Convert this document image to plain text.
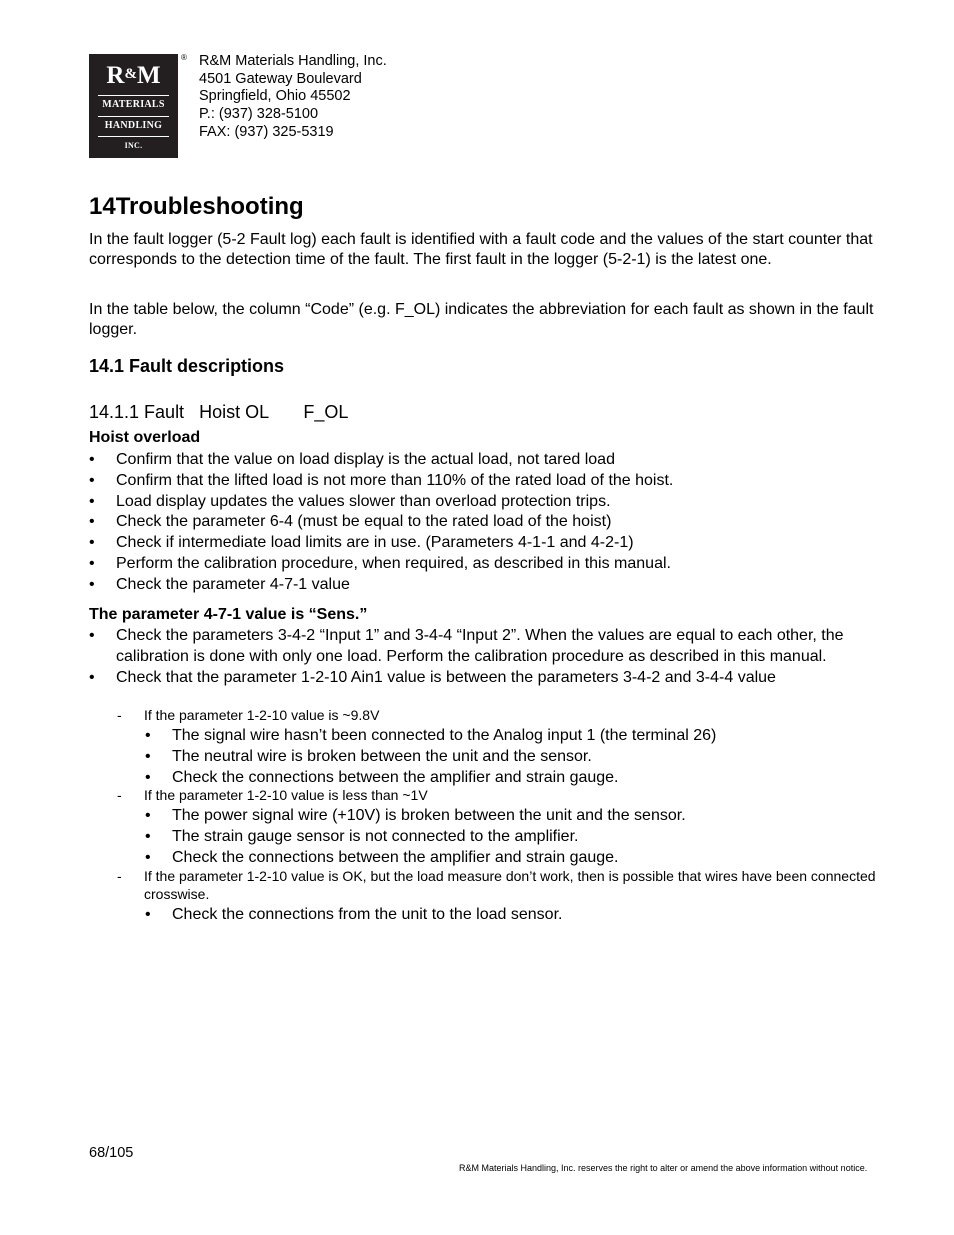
R&M
MATERIALS
HANDLING
INC.
® R&M Materials Handling, Inc.
4501 Gateway Boulevard
Springfield, Ohio 45502
P.: (937) 328-5100
FAX: (937) 325-5319
14Troubleshooting

In the fault logger (5-2 Fault log) each fault is identified with a fault code and the values of the start counter that corresponds to the detection time of the fault. The first fault in the logger (5-2-1) is the latest one.

In the table below, the column “Code” (e.g. F_OL) indicates the abbreviation for each fault as shown in the fault logger.

14.1 Fault descriptions
14.1.1 Fault   Hoist OL       F_OL

Hoist overload

• Confirm that the value on load display is the actual load, not tared load
• Confirm that the lifted load is not more than 110% of the rated load of the hoist.
• Load display updates the values slower than overload protection trips.
• Check the parameter 6-4 (must be equal to the rated load of the hoist)
• Check if intermediate load limits are in use. (Parameters 4-1-1 and 4-2-1)
• Perform the calibration procedure, when required, as described in this manual.
• Check the parameter 4-7-1 value

The parameter 4-7-1 value is “Sens.”

• Check the parameters 3-4-2 “Input 1” and 3-4-4 “Input 2”. When the values are equal to each other, the calibration is done with only one load. Perform the calibration procedure as described in this manual.
• Check that the parameter 1-2-10 Ain1 value is between the parameters 3-4-2 and 3-4-4 value
-	If the parameter 1-2-10 value is ~9.8V
• The signal wire hasn’t been connected to the Analog input 1 (the terminal 26)
• The neutral wire is broken between the unit and the sensor.
• Check the connections between the amplifier and strain gauge.
-	If the parameter 1-2-10 value is less than ~1V
• The power signal wire (+10V) is broken between the unit and the sensor.
• The strain gauge sensor is not connected to the amplifier.
• Check the connections between the amplifier and strain gauge.
-	If the parameter 1-2-10 value is OK, but the load measure don’t work, then is possible that wires have been connected crosswise.
• Check the connections from the unit to the load sensor.
68/105
R&M Materials Handling, Inc. reserves the right to alter or amend the above information without notice.
